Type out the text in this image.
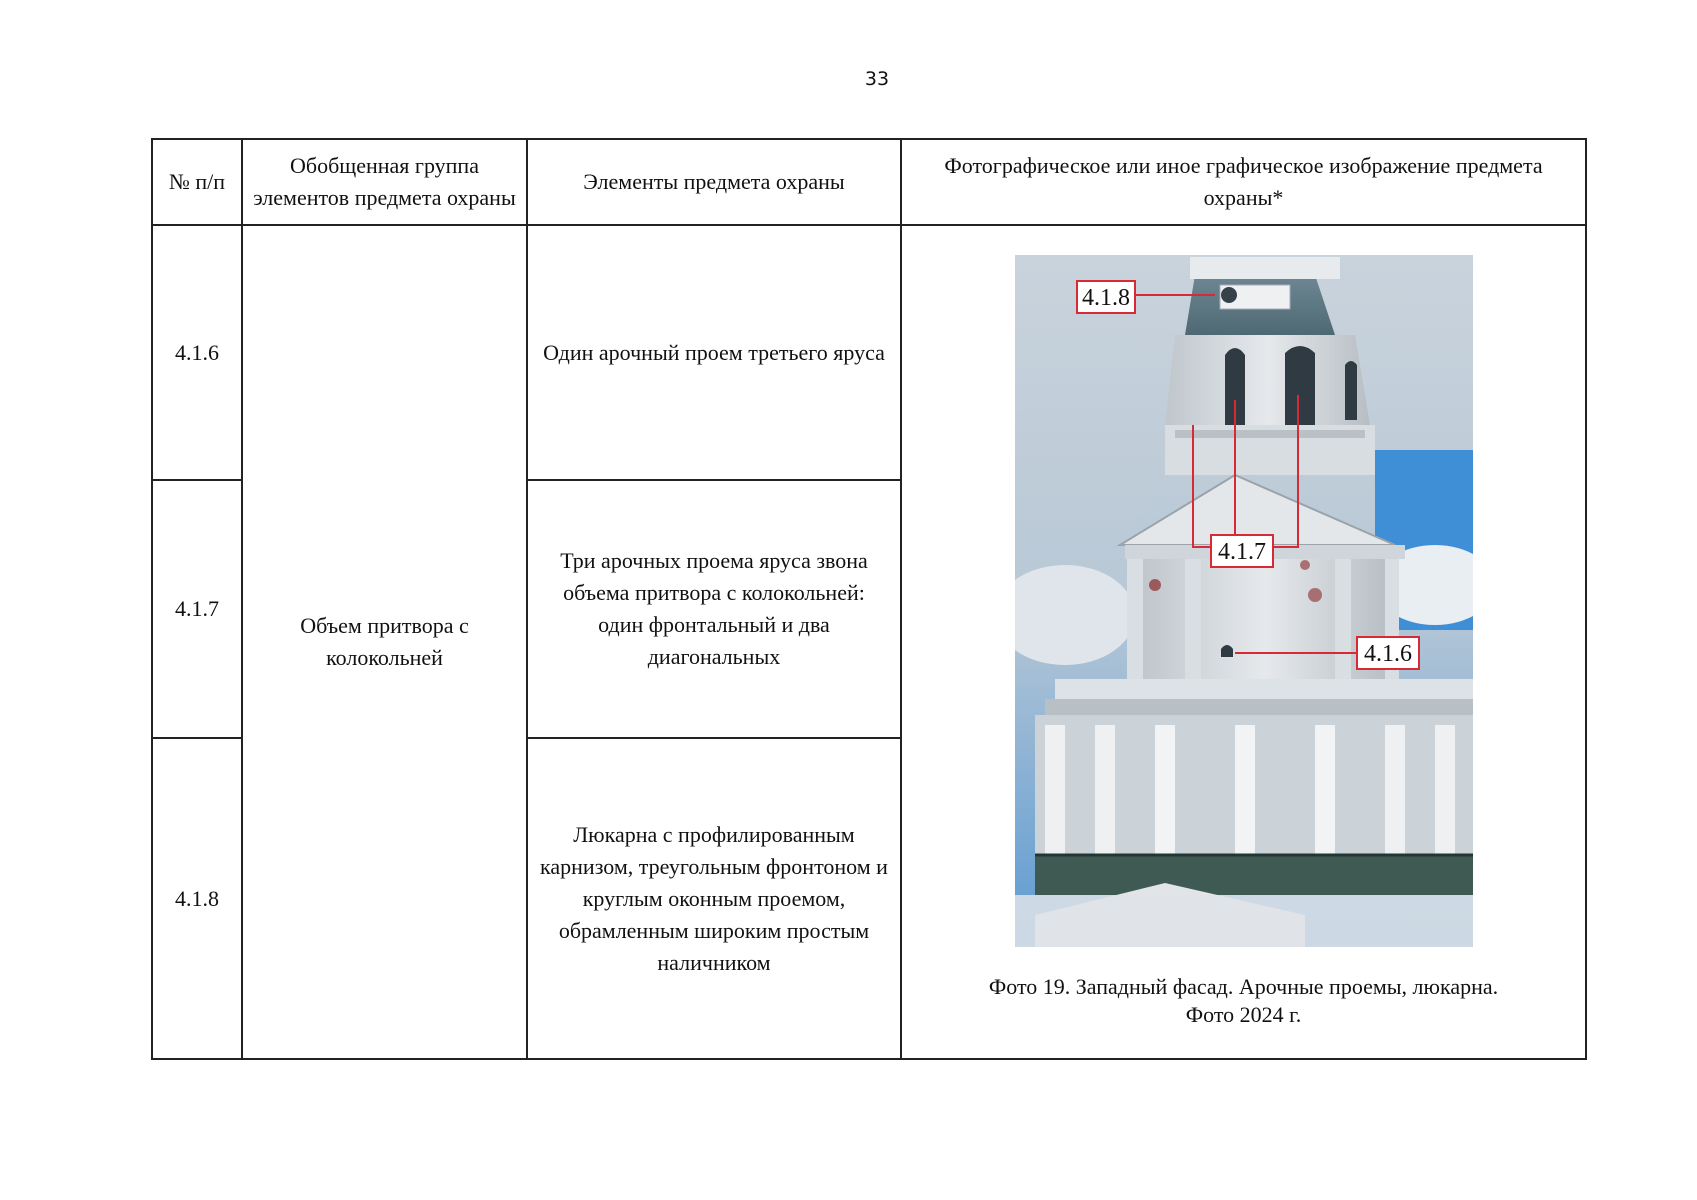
33
№ п/п	Обобщенная группа элементов предмета охраны	Элементы предмета охраны	Фотографическое или иное графическое изображение предмета охраны*
4.1.6	Объем притвора с колокольней	Один арочный проем третьего яруса	4.1.8
4.1.7
4.1.6
Фото 19. Западный фасад. Арочные проемы, люкарна.
Фото 2024 г.

4.1.7		Три арочных проема яруса звона объема притвора с колокольней: один фронтальный и два диагональных	
4.1.8		Люкарна с профилированным карнизом, треугольным фронтоном и круглым оконным проемом, обрамленным широким простым наличником	
